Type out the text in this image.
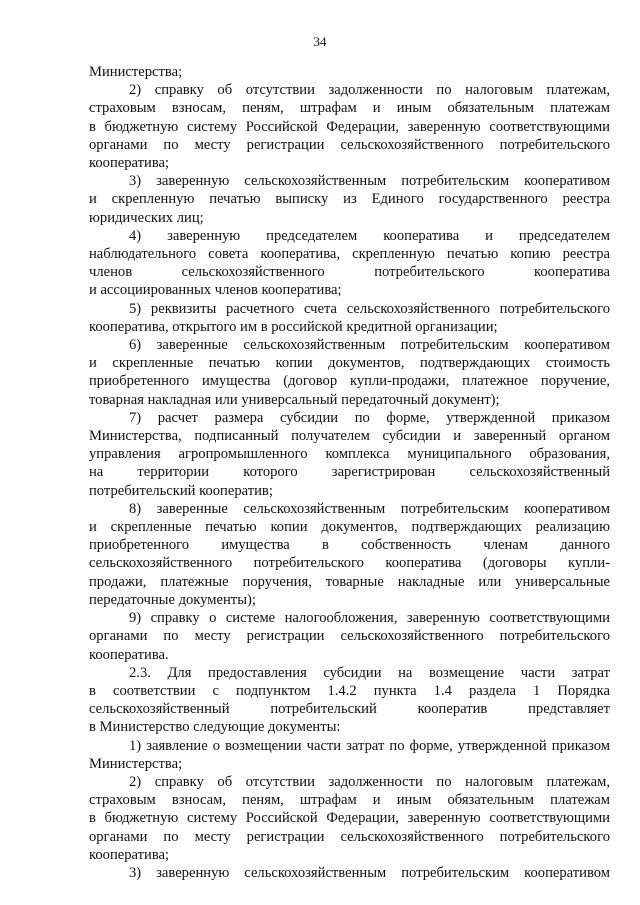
34

Министерства;

2) справку об отсутствии задолженности по налоговым платежам,
страховым взносам, пеням, штрафам и иным обязательным платежам
в бюджетную систему Российской Федерации, заверенную соответствующими
органами по месту регистрации сельскохозяйственного потребительского
кооператива;

3) заверенную сельскохозяйственным потребительским кооперативом
и скрепленную печатью выписку из Единого государственного реестра
юридических лиц;

4) заверенную председателем кооператива и председателем
наблюдательного совета кооператива, скрепленную печатью копию реестра
членов сельскохозяйственного потребительского кооператива
и ассоциированных членов кооператива;

5) реквизиты расчетного счета сельскохозяйственного потребительского
кооператива, открытого им в российской кредитной организации;

6) заверенные сельскохозяйственным потребительским кооперативом
и скрепленные печатью копии документов, подтверждающих стоимость
приобретенного имущества (договор купли-продажи, платежное поручение,
товарная накладная или универсальный передаточный документ);

7) расчет размера субсидии по форме, утвержденной приказом
Министерства, подписанный получателем субсидии и заверенный органом
управления агропромышленного комплекса муниципального образования,
на территории которого зарегистрирован сельскохозяйственный
потребительский кооператив;

8) заверенные сельскохозяйственным потребительским кооперативом
и скрепленные печатью копии документов, подтверждающих реализацию
приобретенного имущества в собственность членам данного
сельскохозяйственного потребительского кооператива (договоры купли-
продажи, платежные поручения, товарные накладные или универсальные
передаточные документы);

9) справку о системе налогообложения, заверенную соответствующими
органами по месту регистрации сельскохозяйственного потребительского
кооператива.

2.3. Для предоставления субсидии на возмещение части затрат
в соответствии с подпунктом 1.4.2 пункта 1.4 раздела 1 Порядка
сельскохозяйственный потребительский кооператив представляет
в Министерство следующие документы:

1) заявление о возмещении части затрат по форме, утвержденной приказом
Министерства;

2) справку об отсутствии задолженности по налоговым платежам,
страховым взносам, пеням, штрафам и иным обязательным платежам
в бюджетную систему Российской Федерации, заверенную соответствующими
органами по месту регистрации сельскохозяйственного потребительского
кооператива;

3) заверенную сельскохозяйственным потребительским кооперативом
